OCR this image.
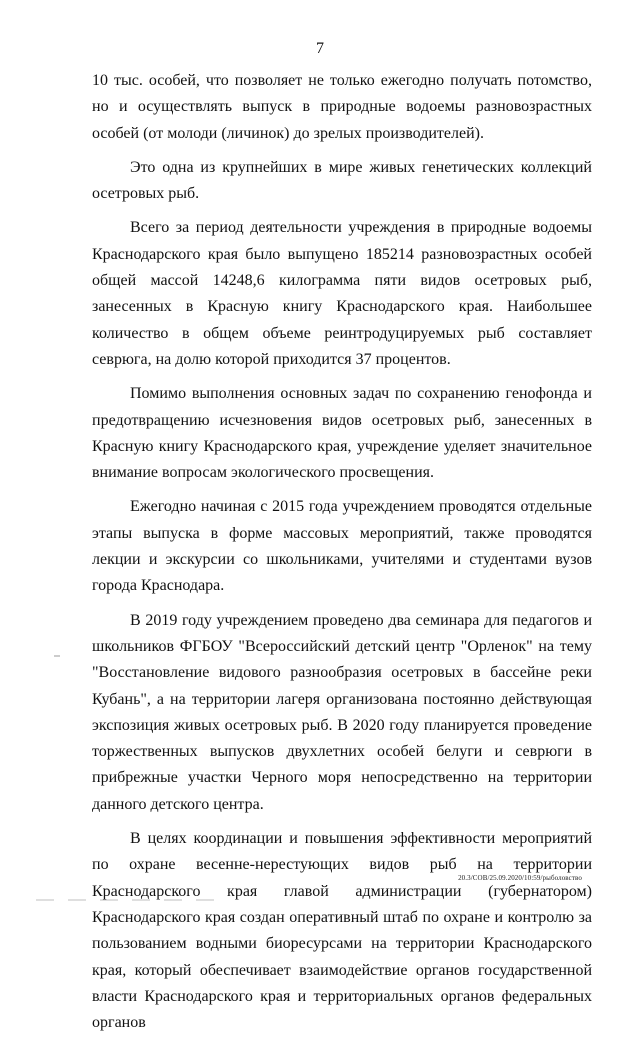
7

10 тыс. особей, что позволяет не только ежегодно получать потомство, но и осуществлять выпуск в природные водоемы разновозрастных особей (от молоди (личинок) до зрелых производителей).

Это одна из крупнейших в мире живых генетических коллекций осетровых рыб.

Всего за период деятельности учреждения в природные водоемы Краснодарского края было выпущено 185214 разновозрастных особей общей массой 14248,6 килограмма пяти видов осетровых рыб, занесенных в Красную книгу Краснодарского края. Наибольшее количество в общем объеме реинтродуцируемых рыб составляет севрюга, на долю которой приходится 37 процентов.

Помимо выполнения основных задач по сохранению генофонда и предотвращению исчезновения видов осетровых рыб, занесенных в Красную книгу Краснодарского края, учреждение уделяет значительное внимание вопросам экологического просвещения.

Ежегодно начиная с 2015 года учреждением проводятся отдельные этапы выпуска в форме массовых мероприятий, также проводятся лекции и экскурсии со школьниками, учителями и студентами вузов города Краснодара.

В 2019 году учреждением проведено два семинара для педагогов и школьников ФГБОУ "Всероссийский детский центр "Орленок" на тему "Восстановление видового разнообразия осетровых в бассейне реки Кубань", а на территории лагеря организована постоянно действующая экспозиция живых осетровых рыб. В 2020 году планируется проведение торжественных выпусков двухлетних особей белуги и севрюги в прибрежные участки Черного моря непосредственно на территории данного детского центра.

В целях координации и повышения эффективности мероприятий по охране весенне-нерестующих видов рыб на территории Краснодарского края главой администрации (губернатором) Краснодарского края создан оперативный штаб по охране и контролю за пользованием водными биоресурсами на территории Краснодарского края, который обеспечивает взаимодействие органов государственной власти Краснодарского края и территориальных органов федеральных органов

20.3/СОВ/25.09.2020/10:59/рыболовство
